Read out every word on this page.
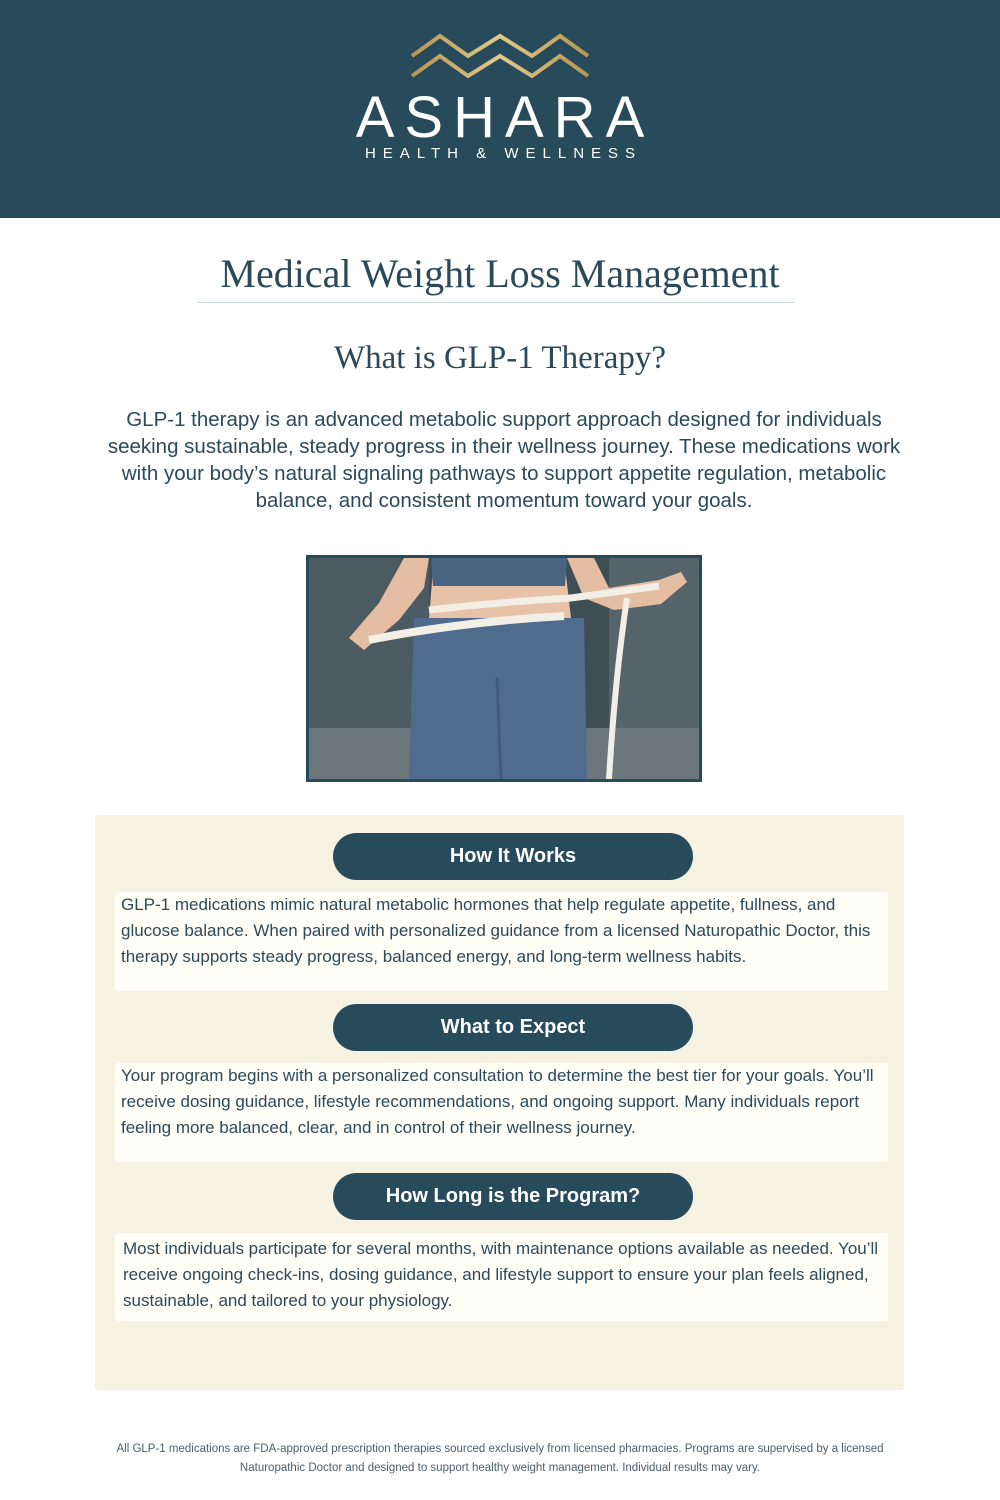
ASHARA
HEALTH & WELLNESS
Medical Weight Loss Management
What is GLP-1 Therapy?

GLP-1 therapy is an advanced metabolic support approach designed for individuals seeking sustainable, steady progress in their wellness journey. These medications work with your body’s natural signaling pathways to support appetite regulation, metabolic balance, and consistent momentum toward your goals.

How It Works

GLP-1 medications mimic natural metabolic hormones that help regulate appetite, fullness, and glucose balance. When paired with personalized guidance from a licensed Naturopathic Doctor, this therapy supports steady progress, balanced energy, and long-term wellness habits.

What to Expect

Your program begins with a personalized consultation to determine the best tier for your goals. You’ll receive dosing guidance, lifestyle recommendations, and ongoing support. Many individuals report feeling more balanced, clear, and in control of their wellness journey.

How Long is the Program?

Most individuals participate for several months, with maintenance options available as needed. You’ll receive ongoing check-ins, dosing guidance, and lifestyle support to ensure your plan feels aligned, sustainable, and tailored to your physiology.

All GLP-1 medications are FDA-approved prescription therapies sourced exclusively from licensed pharmacies. Programs are supervised by a licensed Naturopathic Doctor and designed to support healthy weight management. Individual results may vary.
